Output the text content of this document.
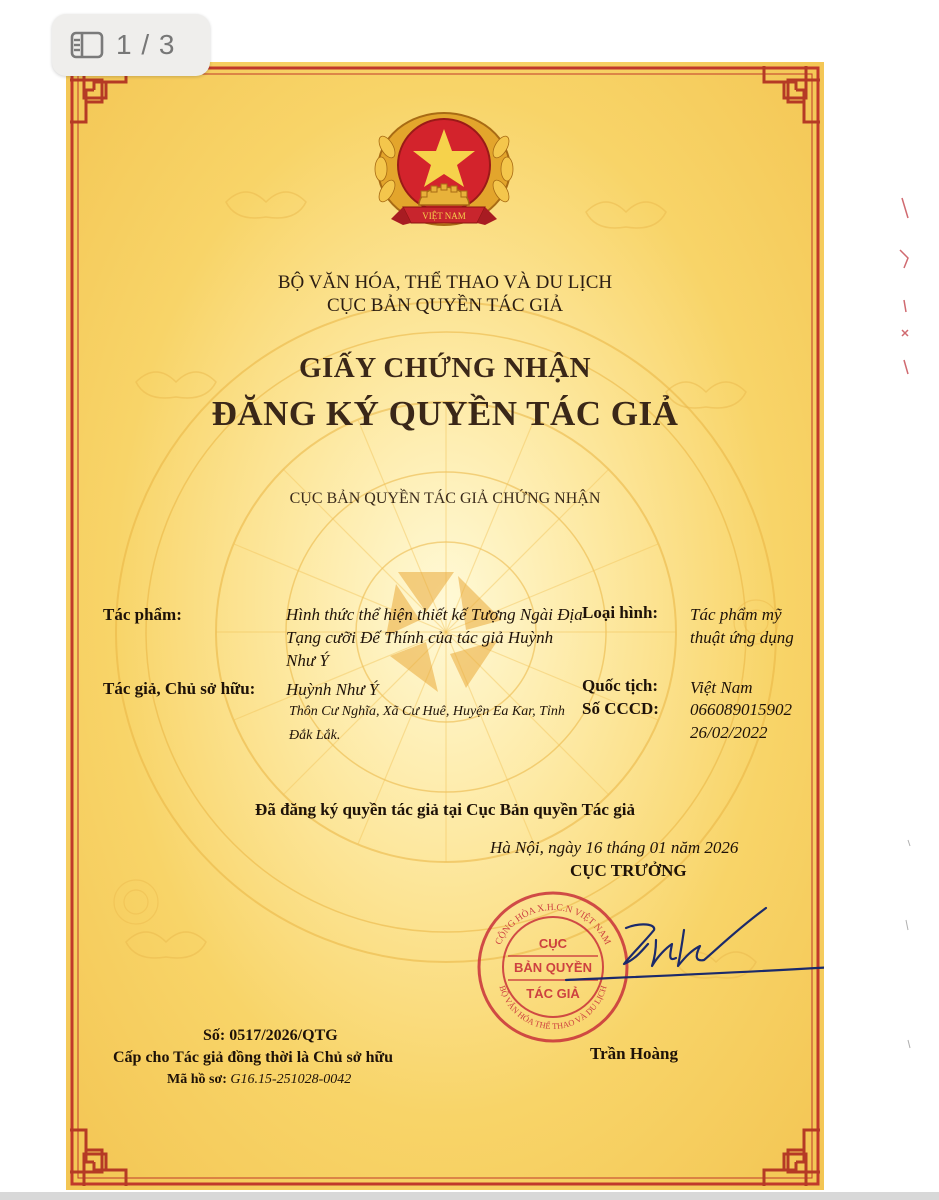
1 / 3
VIỆT NAM
BỘ VĂN HÓA, THỂ THAO VÀ DU LỊCH
CỤC BẢN QUYỀN TÁC GIẢ
GIẤY CHỨNG NHẬN
ĐĂNG KÝ QUYỀN TÁC GIẢ
CỤC BẢN QUYỀN TÁC GIẢ CHỨNG NHẬN
Tác phẩm:	Hình thức thể hiện thiết kế Tượng Ngài Địa Tạng cưỡi Đế Thính của tác giả Huỳnh Như Ý
Loại hình: Tác phẩm mỹ thuật ứng dụng
Tác giả, Chủ sở hữu: Huỳnh Như Ý
Thôn Cư Nghĩa, Xã Cư Huê, Huyện Ea Kar, Tỉnh Đắk Lắk.
Quốc tịch: Việt Nam
Số CCCD: 066089015902
26/02/2022
Đã đăng ký quyền tác giả tại Cục Bản quyền Tác giả
Hà Nội, ngày 16 tháng 01 năm 2026
CỤC TRƯỞNG
CỘNG HÒA X.H.C.N VIỆT NAM
BỘ VĂN HÓA THỂ THAO VÀ DU LỊCH
CỤC
BẢN QUYỀN
TÁC GIẢ
Trần Hoàng
Số: 0517/2026/QTG
Cấp cho Tác giả đồng thời là Chủ sở hữu
Mã hồ sơ: G16.15-251028-0042
